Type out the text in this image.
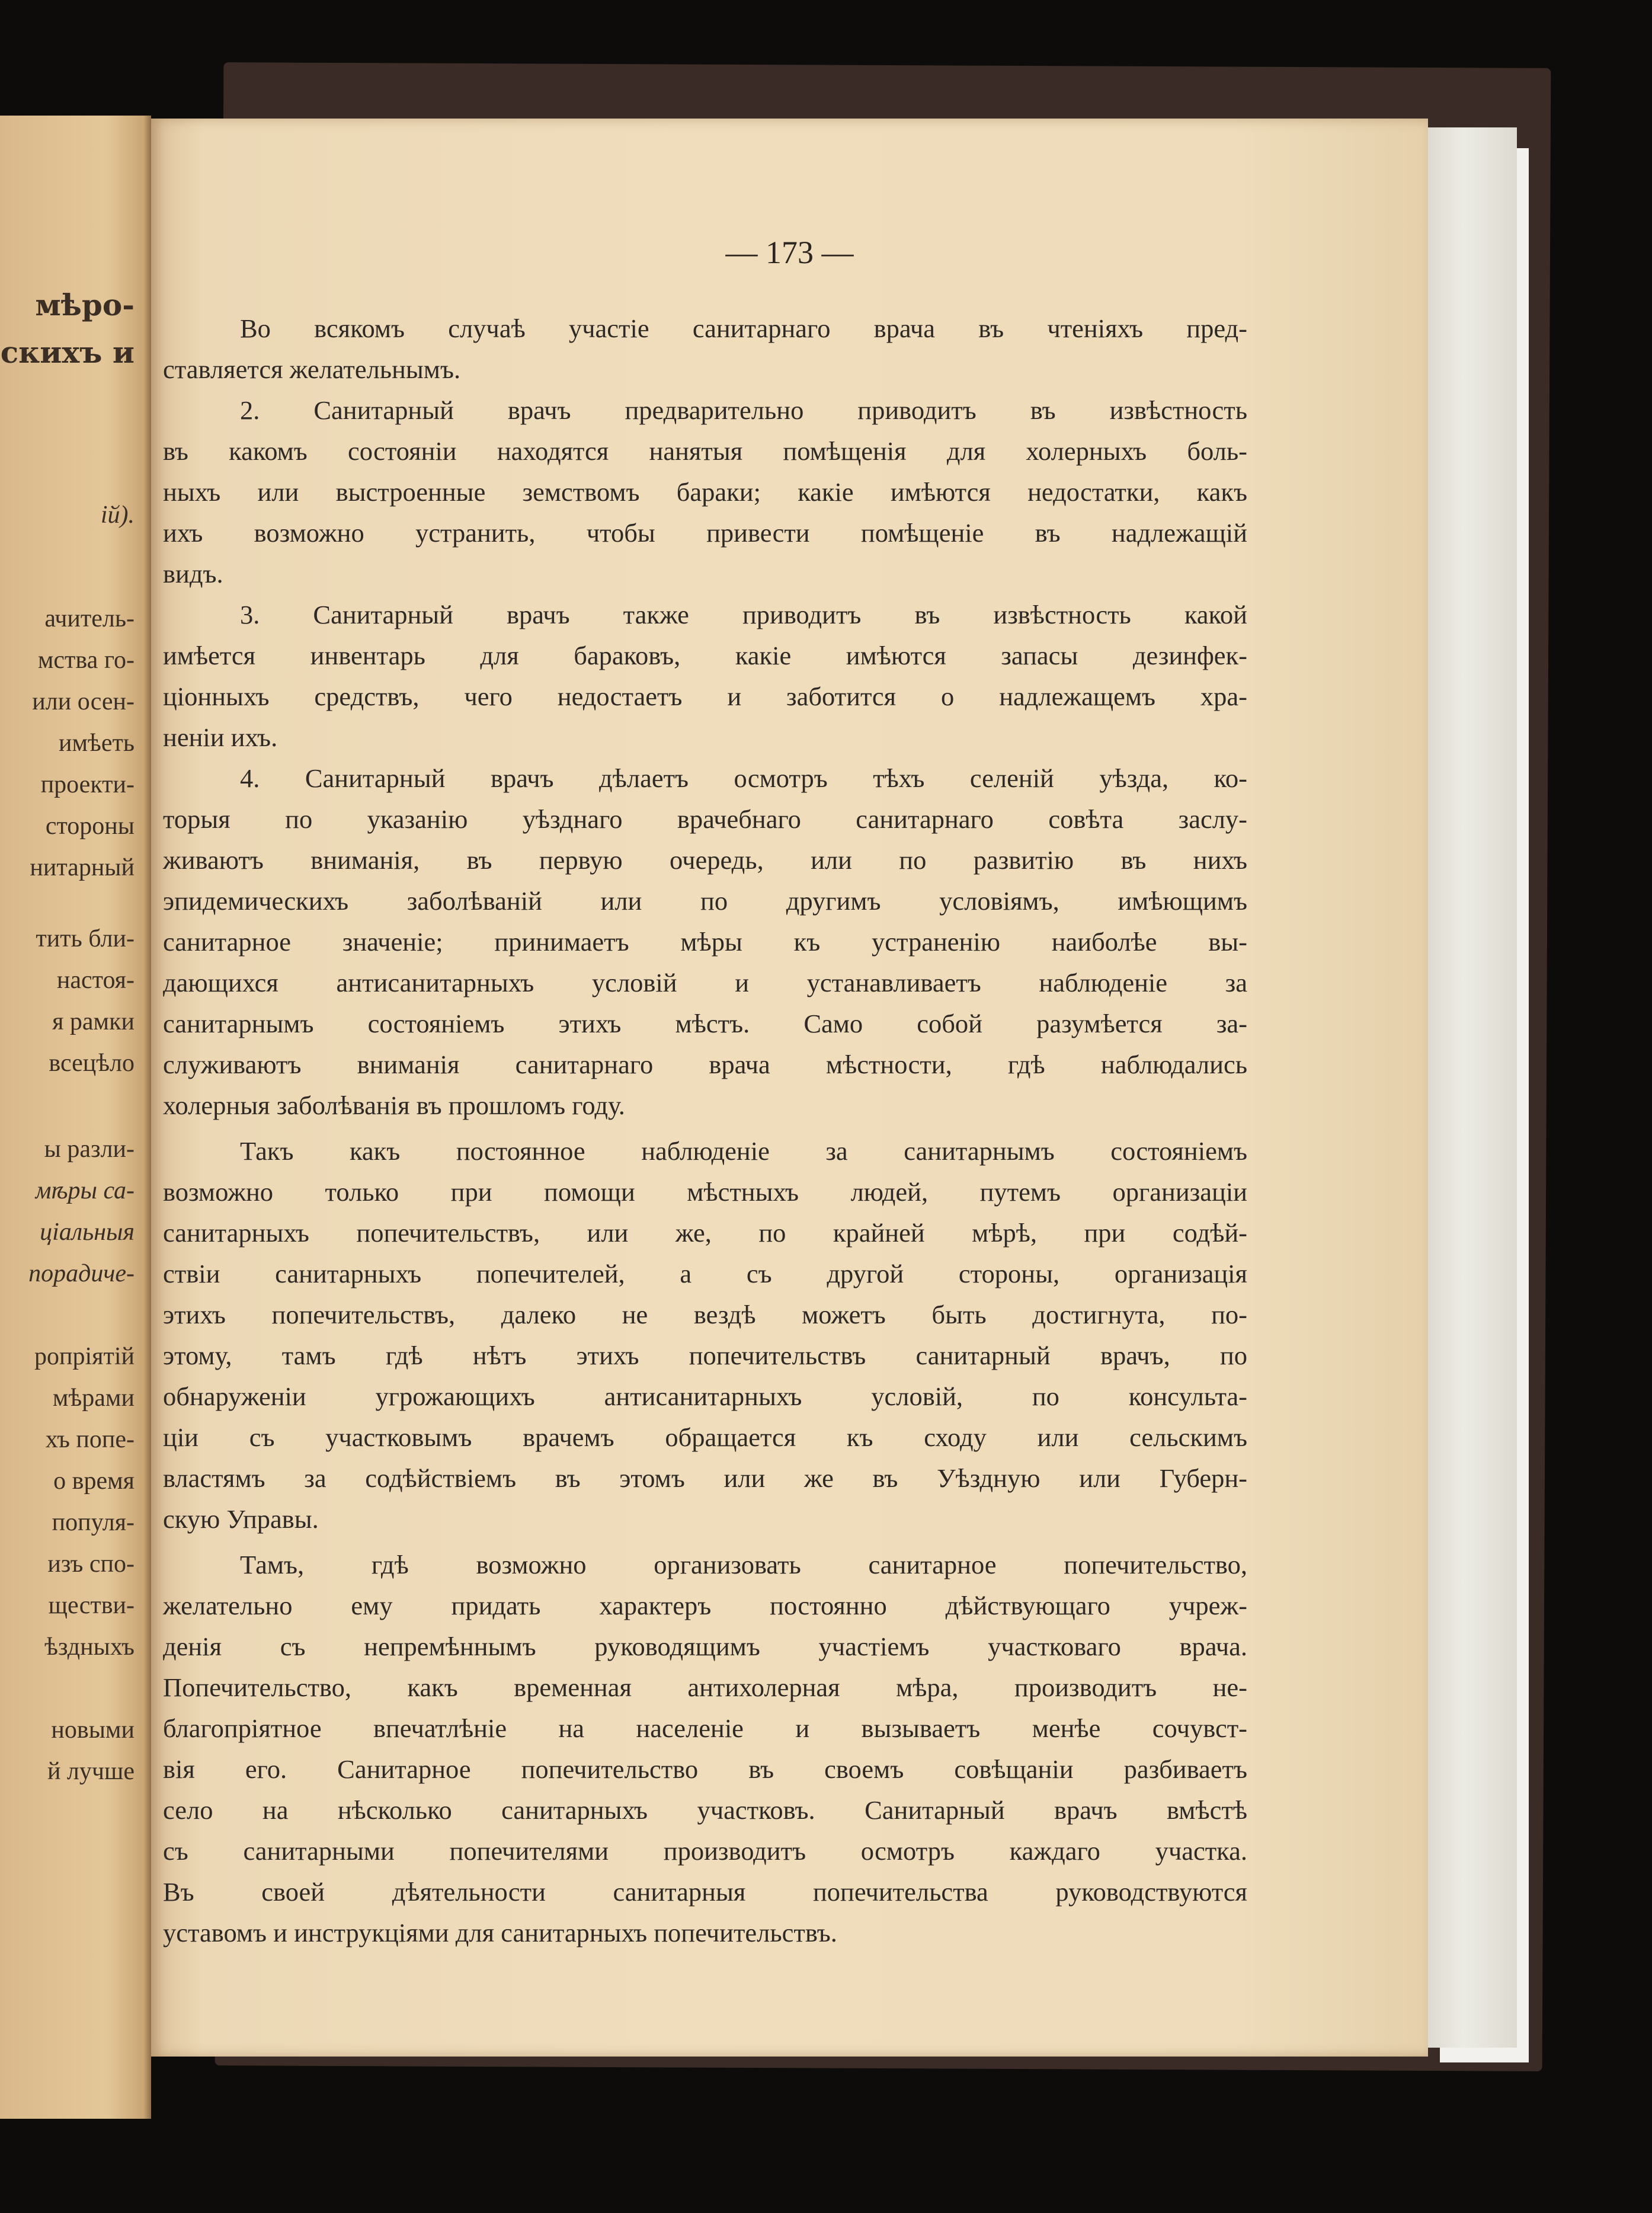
мѣро-
скихъ и
ій).
ачитель-
мства го-
или осен-
имѣеть
проекти-
стороны
нитарный
тить бли-
настоя-
я рамки
всецѣло
ы разли-
мѣры са-
ціальныя
порадиче-
ропріятій
мѣрами
хъ попе-
о время
популя-
изъ спо-
ществи-
ѣздныхъ
новыми
й лучше
— 173 —
Во всякомъ случаѣ участіе санитарнаго врача въ чтеніяхъ пред-
ставляется желательнымъ.
2. Санитарный врачъ предварительно приводитъ въ извѣстность
въ какомъ состояніи находятся нанятыя помѣщенія для холерныхъ боль-
ныхъ или выстроенные земствомъ бараки; какіе имѣются недостатки, какъ
ихъ возможно устранить, чтобы привести помѣщеніе въ надлежащій
видъ.
3. Санитарный врачъ также приводитъ въ извѣстность какой
имѣется инвентарь для бараковъ, какіе имѣются запасы дезинфек-
ціонныхъ средствъ, чего недостаетъ и заботится о надлежащемъ хра-
неніи ихъ.
4. Санитарный врачъ дѣлаетъ осмотръ тѣхъ селеній уѣзда, ко-
торыя по указанію уѣзднаго врачебнаго санитарнаго совѣта заслу-
живаютъ вниманія, въ первую очередь, или по развитію въ нихъ
эпидемическихъ заболѣваній или по другимъ условіямъ, имѣющимъ
санитарное значеніе; принимаетъ мѣры къ устраненію наиболѣе вы-
дающихся антисанитарныхъ условій и устанавливаетъ наблюденіе за
санитарнымъ состояніемъ этихъ мѣстъ. Само собой разумѣется за-
служиваютъ вниманія санитарнаго врача мѣстности, гдѣ наблюдались
холерныя заболѣванія въ прошломъ году.
Такъ какъ постоянное наблюденіе за санитарнымъ состояніемъ
возможно только при помощи мѣстныхъ людей, путемъ организаціи
санитарныхъ попечительствъ, или же, по крайней мѣрѣ, при содѣй-
ствіи санитарныхъ попечителей, а съ другой стороны, организація
этихъ попечительствъ, далеко не вездѣ можетъ быть достигнута, по-
этому, тамъ гдѣ нѣтъ этихъ попечительствъ санитарный врачъ, по
обнаруженіи угрожающихъ антисанитарныхъ условій, по консульта-
ціи съ участковымъ врачемъ обращается къ сходу или сельскимъ
властямъ за содѣйствіемъ въ этомъ или же въ Уѣздную или Губерн-
скую Управы.
Тамъ, гдѣ возможно организовать санитарное попечительство,
желательно ему придать характеръ постоянно дѣйствующаго учреж-
денія съ непремѣннымъ руководящимъ участіемъ участковаго врача.
Попечительство, какъ временная антихолерная мѣра, производитъ не-
благопріятное впечатлѣніе на населеніе и вызываетъ менѣе сочувст-
вія его. Санитарное попечительство въ своемъ совѣщаніи разбиваетъ
село на нѣсколько санитарныхъ участковъ. Санитарный врачъ вмѣстѣ
съ санитарными попечителями производитъ осмотръ каждаго участка.
Въ своей дѣятельности санитарныя попечительства руководствуются
уставомъ и инструкціями для санитарныхъ попечительствъ.
